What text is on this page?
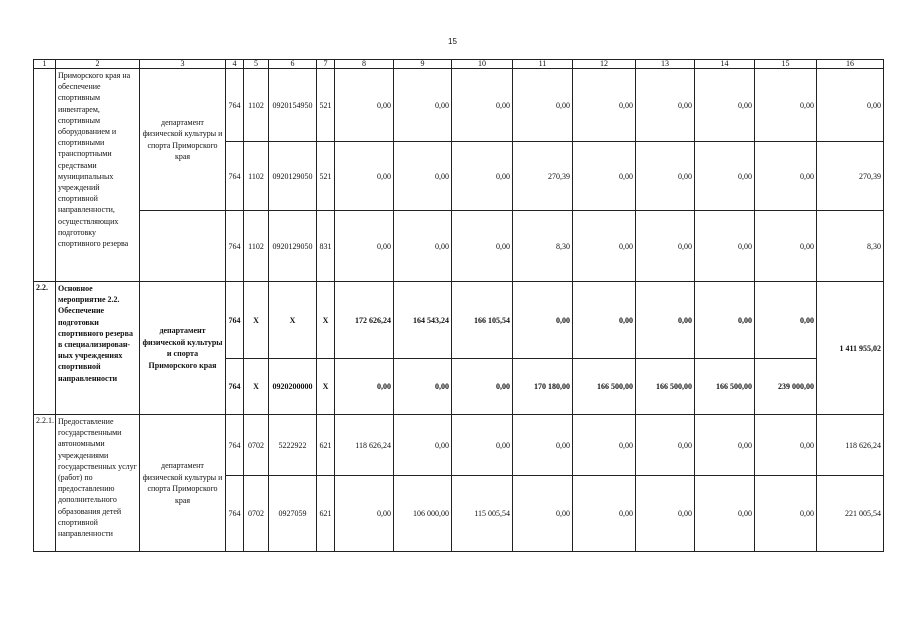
15
1	2	3	4	5	6	7	8	9	10	11	12	13	14	15	16
	Приморского края на обеспечение спортивным инвентарем, спортивным оборудованием и спортивными транспортными средствами муниципальных учреждений спортивной направленности, осуществляющих подготовку спортивного резерва	департамент физической культуры и спорта Приморского края	764	1102	0920154950	521	0,00	0,00	0,00	0,00	0,00	0,00	0,00	0,00	0,00
			764	1102	0920129050	521	0,00	0,00	0,00	270,39	0,00	0,00	0,00	0,00	270,39
			764	1102	0920129050	831	0,00	0,00	0,00	8,30	0,00	0,00	0,00	0,00	8,30
2.2.	Основное мероприятие 2.2. Обеспечение подготовки спортивного резерва в специализирован-ных учреждениях спортивной направленности	департамент физической культуры и спорта Приморского края	764	X	X	X	172 626,24	164 543,24	166 105,54	0,00	0,00	0,00	0,00	0,00	1 411 955,02
			764	X	0920200000	X	0,00	0,00	0,00	170 180,00	166 500,00	166 500,00	166 500,00	239 000,00	
2.2.1.	Предоставление государственными автономными учреждениями государственных услуг (работ) по предоставлению дополнительного образования детей спортивной направленности	департамент физической культуры и спорта Приморского края	764	0702	5222922	621	118 626,24	0,00	0,00	0,00	0,00	0,00	0,00	0,00	118 626,24
			764	0702	0927059	621	0,00	106 000,00	115 005,54	0,00	0,00	0,00	0,00	0,00	221 005,54
